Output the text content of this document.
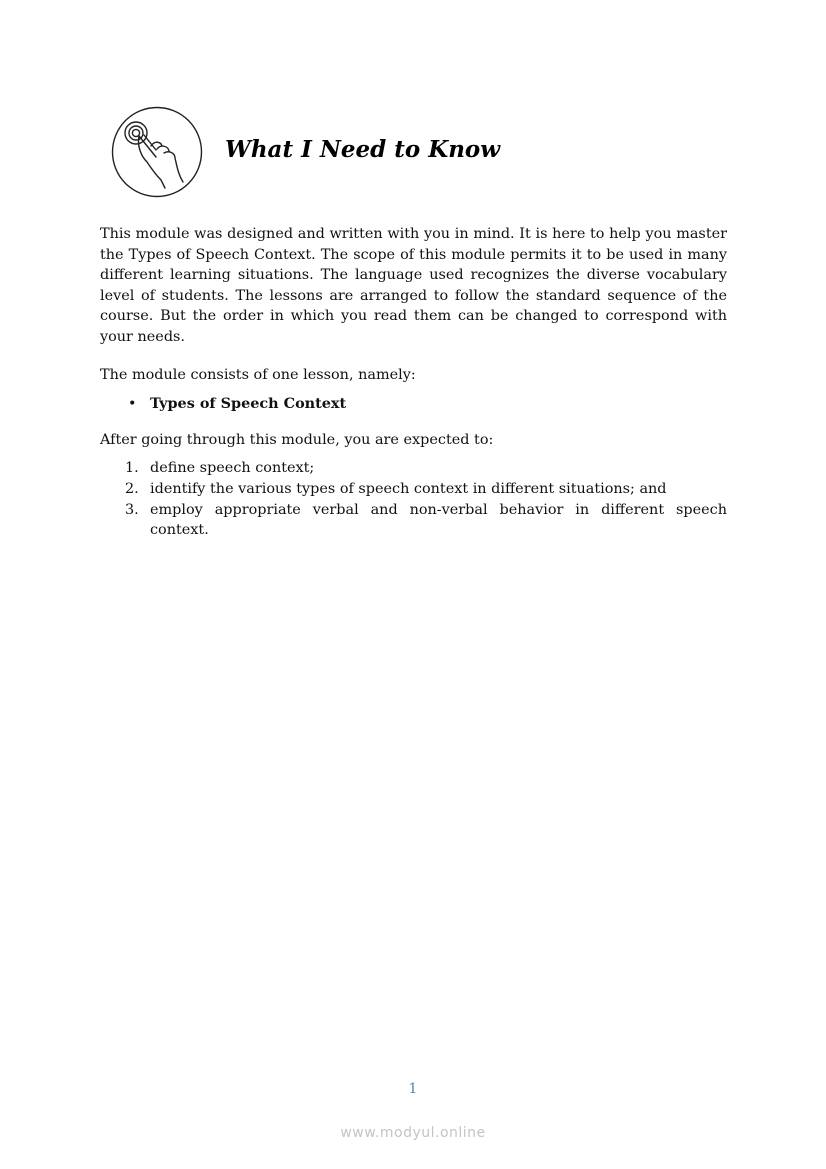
What I Need to Know

This module was designed and written with you in mind. It is here to help you master the Types of Speech Context. The scope of this module permits it to be used in many different learning situations. The language used recognizes the diverse vocabulary level of students. The lessons are arranged to follow the standard sequence of the course. But the order in which you read them can be changed to correspond with your needs.

The module consists of one lesson, namely:

• Types of Speech Context

After going through this module, you are expected to:

1. define speech context;
2. identify the various types of speech context in different situations; and
3. employ appropriate verbal and non-verbal behavior in different speech context.
1
www.modyul.online
